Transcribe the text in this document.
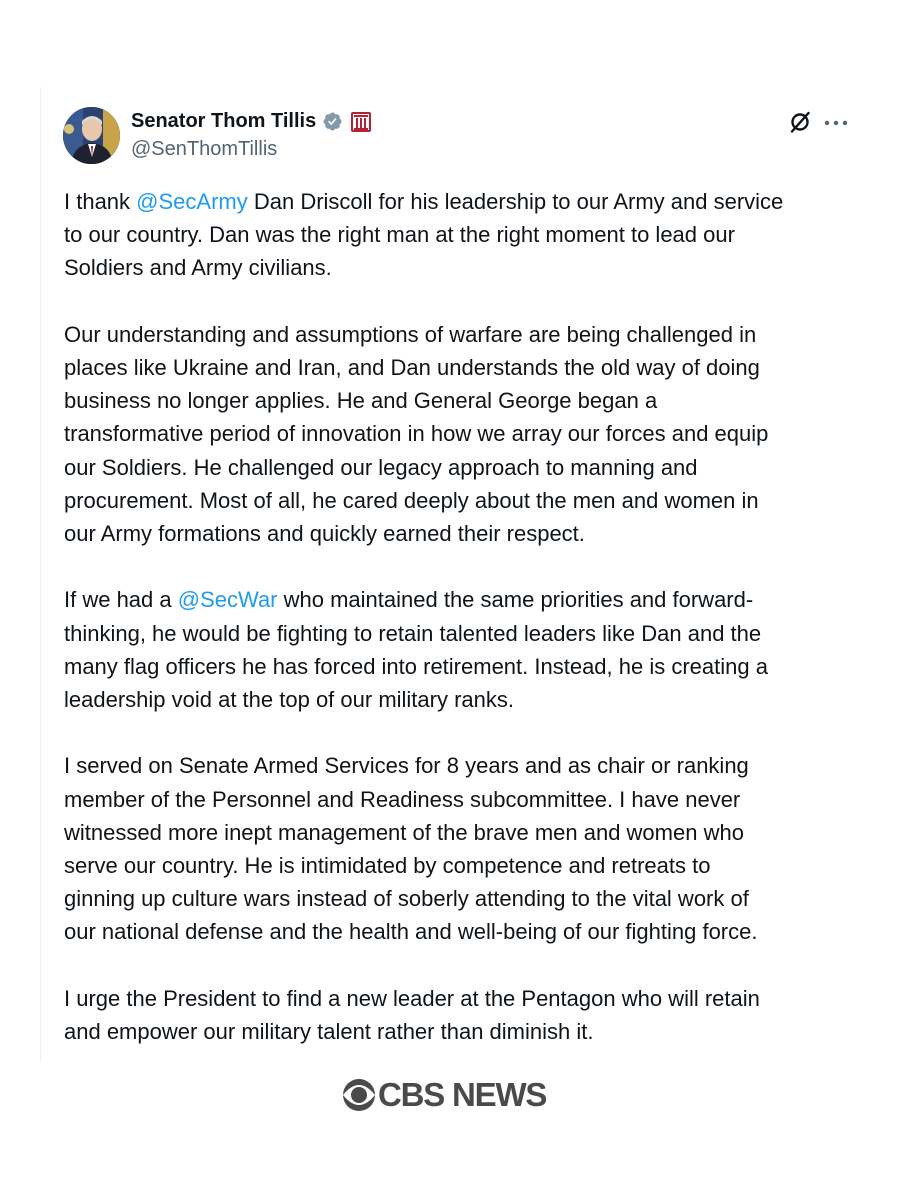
Senator Thom Tillis
@SenThomTillis

I thank @SecArmy Dan Driscoll for his leadership to our Army and service
to our country. Dan was the right man at the right moment to lead our
Soldiers and Army civilians.

Our understanding and assumptions of warfare are being challenged in
places like Ukraine and Iran, and Dan understands the old way of doing
business no longer applies. He and General George began a
transformative period of innovation in how we array our forces and equip
our Soldiers. He challenged our legacy approach to manning and
procurement. Most of all, he cared deeply about the men and women in
our Army formations and quickly earned their respect.

If we had a @SecWar who maintained the same priorities and forward-
thinking, he would be fighting to retain talented leaders like Dan and the
many flag officers he has forced into retirement. Instead, he is creating a
leadership void at the top of our military ranks.

I served on Senate Armed Services for 8 years and as chair or ranking
member of the Personnel and Readiness subcommittee. I have never
witnessed more inept management of the brave men and women who
serve our country. He is intimidated by competence and retreats to
ginning up culture wars instead of soberly attending to the vital work of
our national defense and the health and well-being of our fighting force.

I urge the President to find a new leader at the Pentagon who will retain
and empower our military talent rather than diminish it.

CBS NEWS
